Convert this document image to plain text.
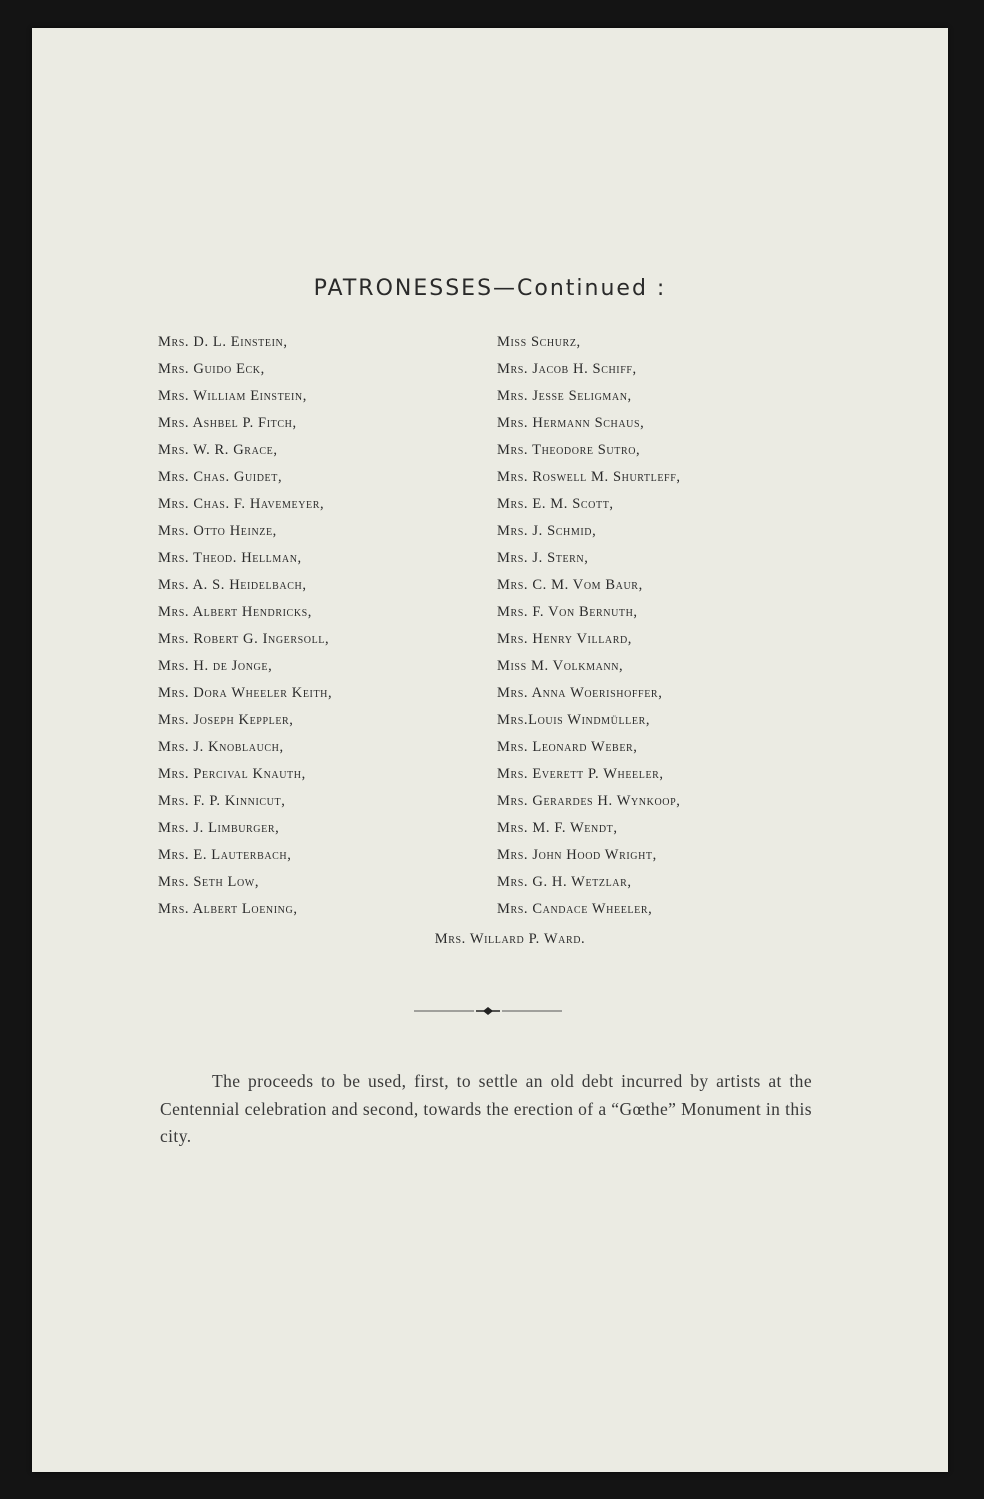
PATRONESSES—Continued :
Mrs. D. L. Einstein,
Mrs. Guido Eck,
Mrs. William Einstein,
Mrs. Ashbel P. Fitch,
Mrs. W. R. Grace,
Mrs. Chas. Guidet,
Mrs. Chas. F. Havemeyer,
Mrs. Otto Heinze,
Mrs. Theod. Hellman,
Mrs. A. S. Heidelbach,
Mrs. Albert Hendricks,
Mrs. Robert G. Ingersoll,
Mrs. H. de Jonge,
Mrs. Dora Wheeler Keith,
Mrs. Joseph Keppler,
Mrs. J. Knoblauch,
Mrs. Percival Knauth,
Mrs. F. P. Kinnicut,
Mrs. J. Limburger,
Mrs. E. Lauterbach,
Mrs. Seth Low,
Mrs. Albert Loening,
Miss Schurz,
Mrs. Jacob H. Schiff,
Mrs. Jesse Seligman,
Mrs. Hermann Schaus,
Mrs. Theodore Sutro,
Mrs. Roswell M. Shurtleff,
Mrs. E. M. Scott,
Mrs. J. Schmid,
Mrs. J. Stern,
Mrs. C. M. Vom Baur,
Mrs. F. Von Bernuth,
Mrs. Henry Villard,
Miss M. Volkmann,
Mrs. Anna Woerishoffer,
Mrs.Louis Windmüller,
Mrs. Leonard Weber,
Mrs. Everett P. Wheeler,
Mrs. Gerardes H. Wynkoop,
Mrs. M. F. Wendt,
Mrs. John Hood Wright,
Mrs. G. H. Wetzlar,
Mrs. Candace Wheeler,
Mrs. Willard P. Ward.

The proceeds to be used, first, to settle an old debt incurred by artists at the Centennial celebration and second, towards the erection of a “Gœthe” Monument in this city.
